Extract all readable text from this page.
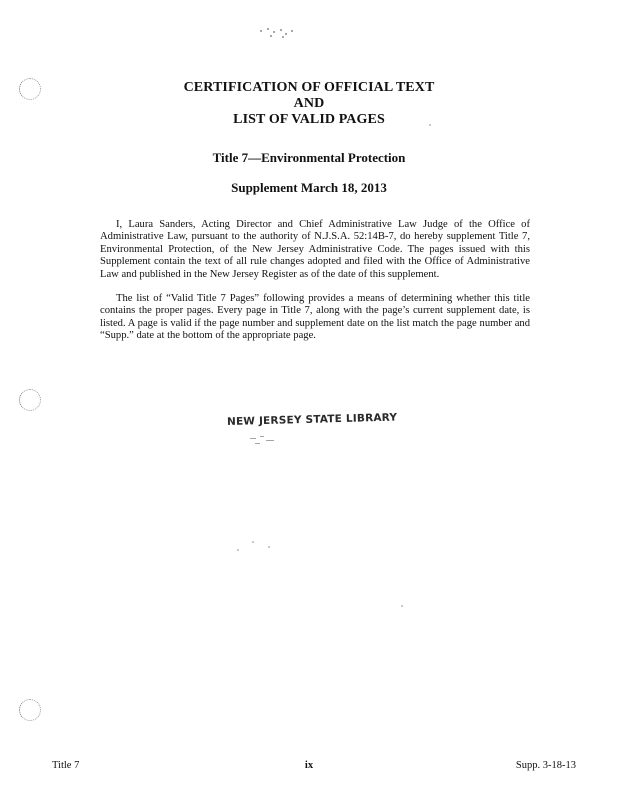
CERTIFICATION OF OFFICIAL TEXT
AND
LIST OF VALID PAGES
Title 7—Environmental Protection
Supplement March 18, 2013
I, Laura Sanders, Acting Director and Chief Administrative Law Judge of the Office of Administrative Law, pursuant to the authority of N.J.S.A. 52:14B-7, do hereby supplement Title 7, Environmental Protection, of the New Jersey Administrative Code. The pages issued with this Supplement contain the text of all rule changes adopted and filed with the Office of Administrative Law and published in the New Jersey Register as of the date of this supplement.
The list of “Valid Title 7 Pages” following provides a means of determining whether this title contains the proper pages. Every page in Title 7, along with the page’s current supplement date, is listed. A page is valid if the page number and supplement date on the list match the page number and “Supp.” date at the bottom of the appropriate page.
NEW JERSEY STATE LIBRARY
Title 7	ix	Supp. 3-18-13
